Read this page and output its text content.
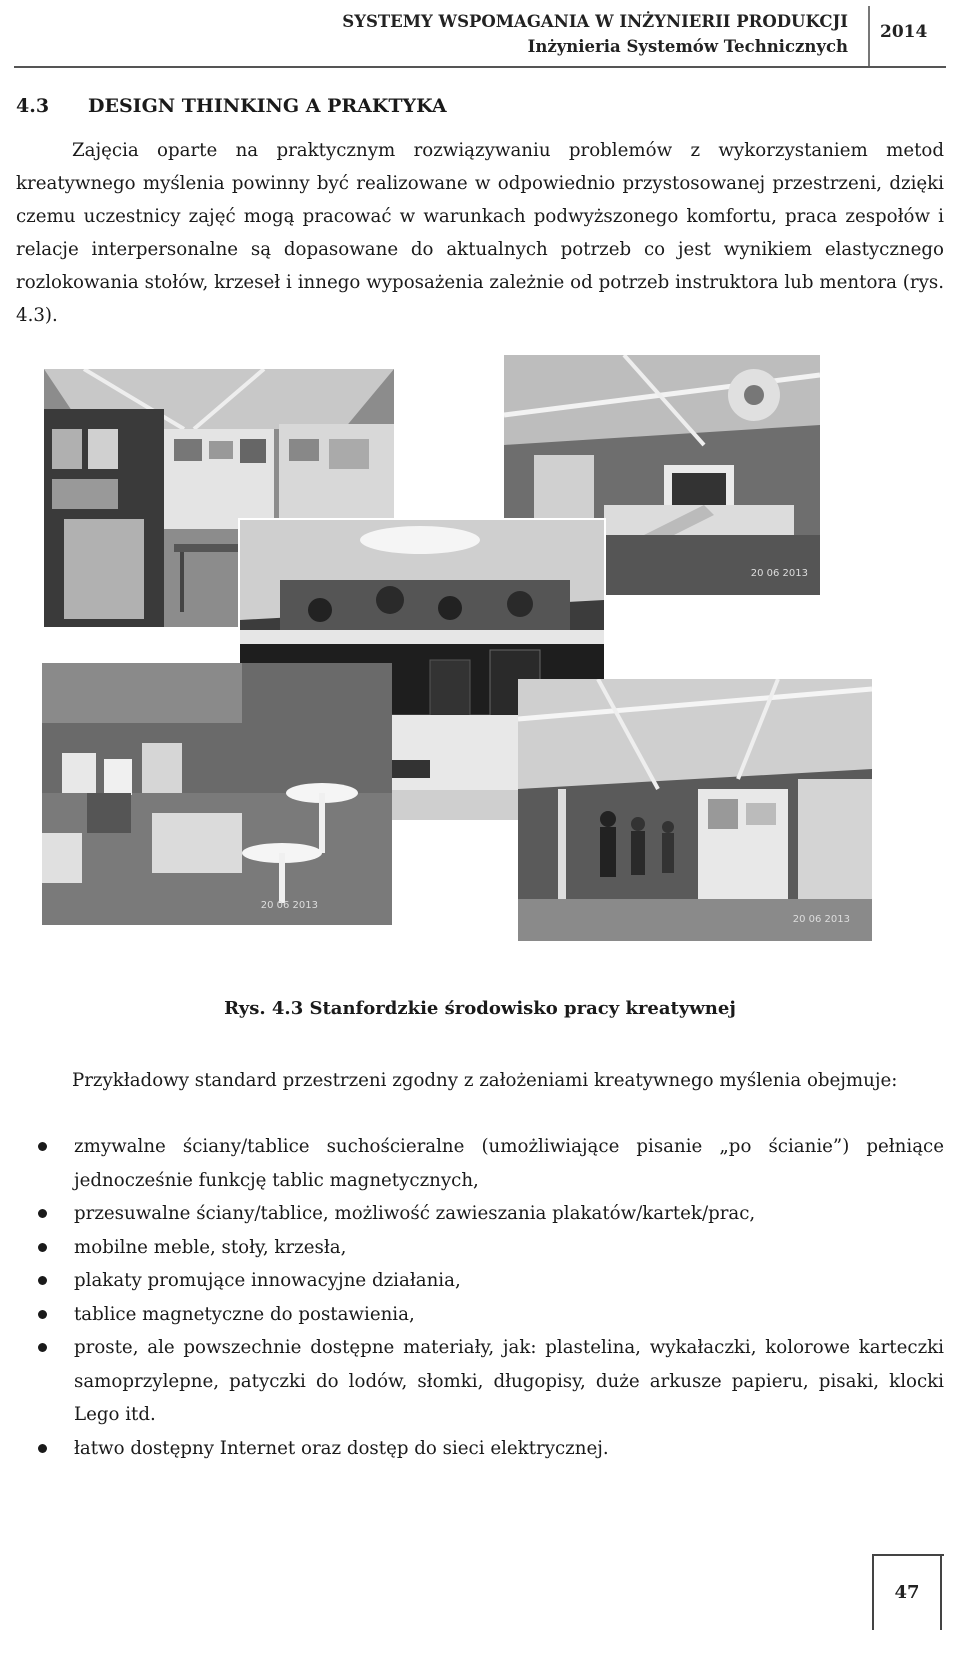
SYSTEMY WSPOMAGANIA W INŻYNIERII PRODUKCJI
Inżynieria Systemów Technicznych
2014
4.3 DESIGN THINKING A PRAKTYKA

Zajęcia oparte na praktycznym rozwiązywaniu problemów z wykorzystaniem metod kreatywnego myślenia powinny być realizowane w odpowiednio przystosowanej przestrzeni, dzięki czemu uczestnicy zajęć mogą pracować w warunkach podwyższonego komfortu, praca zespołów i relacje interpersonalne są dopasowane do aktualnych potrzeb co jest wynikiem elastycznego rozlokowania stołów, krzeseł i innego wyposażenia zależnie od potrzeb instruktora lub mentora (rys. 4.3).

20 06 2013
20 06 2013
20 06 2013
Rys. 4.3 Stanfordzkie środowisko pracy kreatywnej

Przykładowy standard przestrzeni zgodny z założeniami kreatywnego myślenia obejmuje:

zmywalne ściany/tablice suchościeralne (umożliwiające pisanie „po ścianie”) pełniące jednocześnie funkcję tablic magnetycznych,
przesuwalne ściany/tablice, możliwość zawieszania plakatów/kartek/prac,
mobilne meble, stoły, krzesła,
plakaty promujące innowacyjne działania,
tablice magnetyczne do postawienia,
proste, ale powszechnie dostępne materiały, jak: plastelina, wykałaczki, kolorowe karteczki samoprzylepne, patyczki do lodów, słomki, długopisy, duże arkusze papieru, pisaki, klocki Lego itd.
łatwo dostępny Internet oraz dostęp do sieci elektrycznej.
47
